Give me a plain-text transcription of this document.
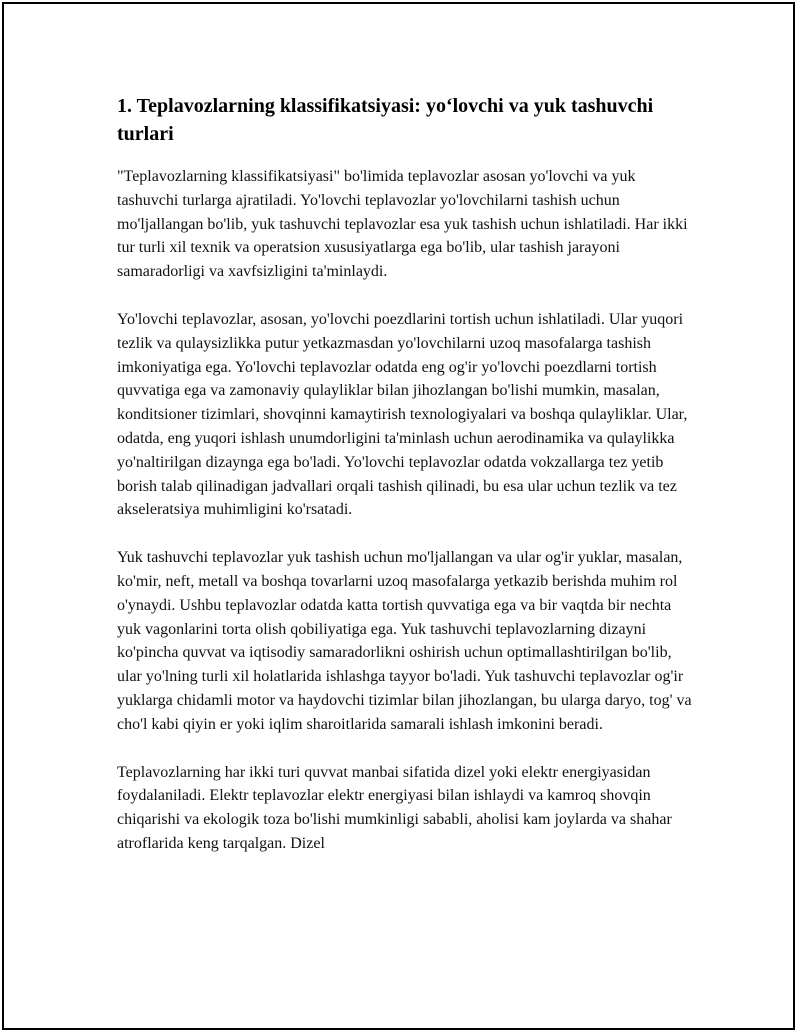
1. Teplavozlarning klassifikatsiyasi: yo‘lovchi va yuk tashuvchi turlari

"Teplavozlarning klassifikatsiyasi" bo'limida teplavozlar asosan yo'lovchi va yuk tashuvchi turlarga ajratiladi. Yo'lovchi teplavozlar yo'lovchilarni tashish uchun mo'ljallangan bo'lib, yuk tashuvchi teplavozlar esa yuk tashish uchun ishlatiladi. Har ikki tur turli xil texnik va operatsion xususiyatlarga ega bo'lib, ular tashish jarayoni samaradorligi va xavfsizligini ta'minlaydi.

Yo'lovchi teplavozlar, asosan, yo'lovchi poezdlarini tortish uchun ishlatiladi. Ular yuqori tezlik va qulaysizlikka putur yetkazmasdan yo'lovchilarni uzoq masofalarga tashish imkoniyatiga ega. Yo'lovchi teplavozlar odatda eng og'ir yo'lovchi poezdlarni tortish quvvatiga ega va zamonaviy qulayliklar bilan jihozlangan bo'lishi mumkin, masalan, konditsioner tizimlari, shovqinni kamaytirish texnologiyalari va boshqa qulayliklar. Ular, odatda, eng yuqori ishlash unumdorligini ta'minlash uchun aerodinamika va qulaylikka yo'naltirilgan dizaynga ega bo'ladi. Yo'lovchi teplavozlar odatda vokzallarga tez yetib borish talab qilinadigan jadvallari orqali tashish qilinadi, bu esa ular uchun tezlik va tez akseleratsiya muhimligini ko'rsatadi.

Yuk tashuvchi teplavozlar yuk tashish uchun mo'ljallangan va ular og'ir yuklar, masalan, ko'mir, neft, metall va boshqa tovarlarni uzoq masofalarga yetkazib berishda muhim rol o'ynaydi. Ushbu teplavozlar odatda katta tortish quvvatiga ega va bir vaqtda bir nechta yuk vagonlarini torta olish qobiliyatiga ega. Yuk tashuvchi teplavozlarning dizayni ko'pincha quvvat va iqtisodiy samaradorlikni oshirish uchun optimallashtirilgan bo'lib, ular yo'lning turli xil holatlarida ishlashga tayyor bo'ladi. Yuk tashuvchi teplavozlar og'ir yuklarga chidamli motor va haydovchi tizimlar bilan jihozlangan, bu ularga daryo, tog' va cho'l kabi qiyin er yoki iqlim sharoitlarida samarali ishlash imkonini beradi.

Teplavozlarning har ikki turi quvvat manbai sifatida dizel yoki elektr energiyasidan foydalaniladi. Elektr teplavozlar elektr energiyasi bilan ishlaydi va kamroq shovqin chiqarishi va ekologik toza bo'lishi mumkinligi sababli, aholisi kam joylarda va shahar atroflarida keng tarqalgan. Dizel
